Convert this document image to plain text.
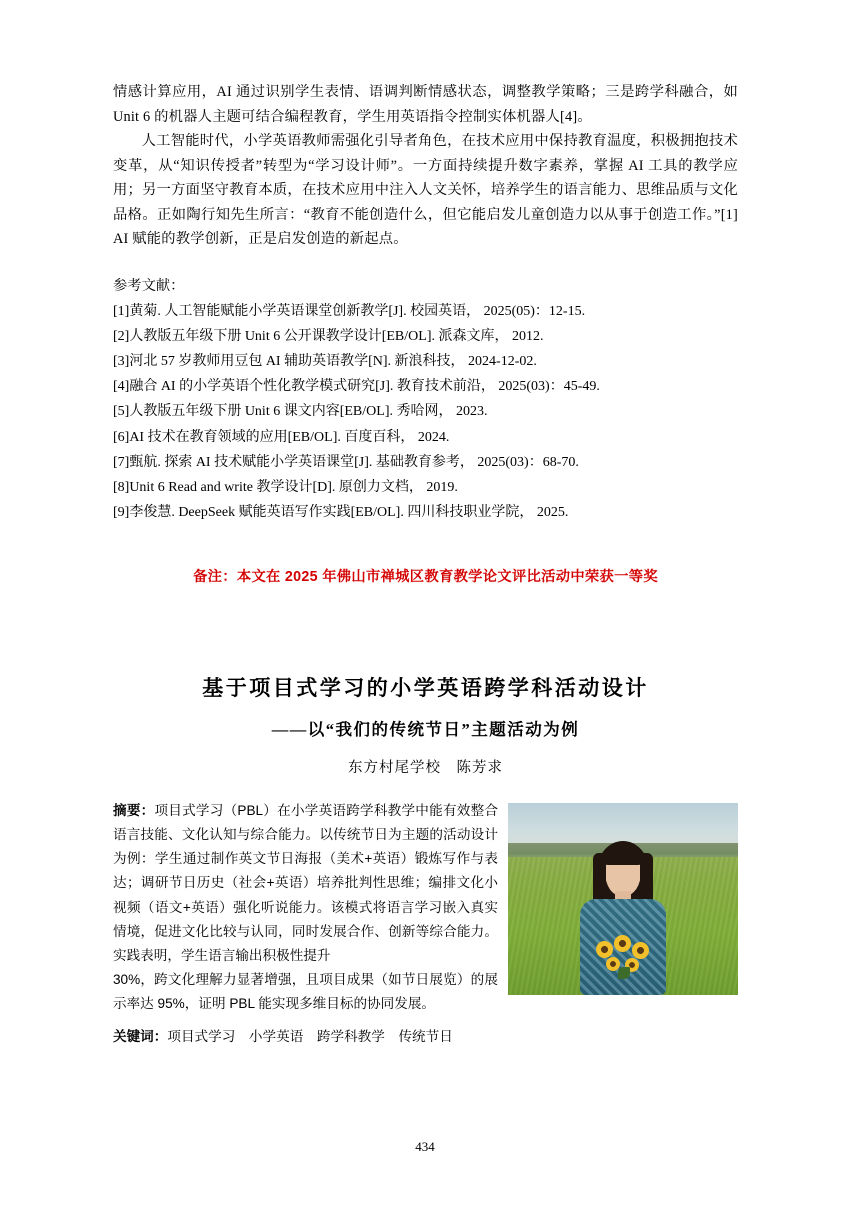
情感计算应用，AI 通过识别学生表情、语调判断情感状态，调整教学策略；三是跨学科融合，如 Unit 6 的机器人主题可结合编程教育，学生用英语指令控制实体机器人[4]。

人工智能时代，小学英语教师需强化引导者角色，在技术应用中保持教育温度，积极拥抱技术变革，从“知识传授者”转型为“学习设计师”。一方面持续提升数字素养，掌握 AI 工具的教学应用；另一方面坚守教育本质，在技术应用中注入人文关怀，培养学生的语言能力、思维品质与文化品格。正如陶行知先生所言：“教育不能创造什么，但它能启发儿童创造力以从事于创造工作。”[1] AI 赋能的教学创新，正是启发创造的新起点。

参考文献：

[1]黄菊. 人工智能赋能小学英语课堂创新教学[J]. 校园英语， 2025(05)：12-15.

[2]人教版五年级下册 Unit 6 公开课教学设计[EB/OL]. 派森文库， 2012.

[3]河北 57 岁教师用豆包 AI 辅助英语教学[N]. 新浪科技， 2024-12-02.

[4]融合 AI 的小学英语个性化教学模式研究[J]. 教育技术前沿， 2025(03)：45-49.

[5]人教版五年级下册 Unit 6 课文内容[EB/OL]. 秀哈网， 2023.

[6]AI 技术在教育领域的应用[EB/OL]. 百度百科， 2024.

[7]甄航. 探索 AI 技术赋能小学英语课堂[J]. 基础教育参考， 2025(03)：68-70.

[8]Unit 6 Read and write 教学设计[D]. 原创力文档， 2019.

[9]李俊慧. DeepSeek 赋能英语写作实践[EB/OL]. 四川科技职业学院， 2025.

备注：本文在 2025 年佛山市禅城区教育教学论文评比活动中荣获一等奖

基于项目式学习的小学英语跨学科活动设计

——以“我们的传统节日”主题活动为例

东方村尾学校　陈芳求

摘要：项目式学习（PBL）在小学英语跨学科教学中能有效整合语言技能、文化认知与综合能力。以传统节日为主题的活动设计为例：学生通过制作英文节日海报（美术+英语）锻炼写作与表达；调研节日历史（社会+英语）培养批判性思维；编排文化小视频（语文+英语）强化听说能力。该模式将语言学习嵌入真实情境，促进文化比较与认同，同时发展合作、创新等综合能力。实践表明，学生语言输出积极性提升

30%，跨文化理解力显著增强，且项目成果（如节日展览）的展示率达 95%，证明 PBL 能实现多维目标的协同发展。

关键词：项目式学习　小学英语　跨学科教学　传统节日

434
